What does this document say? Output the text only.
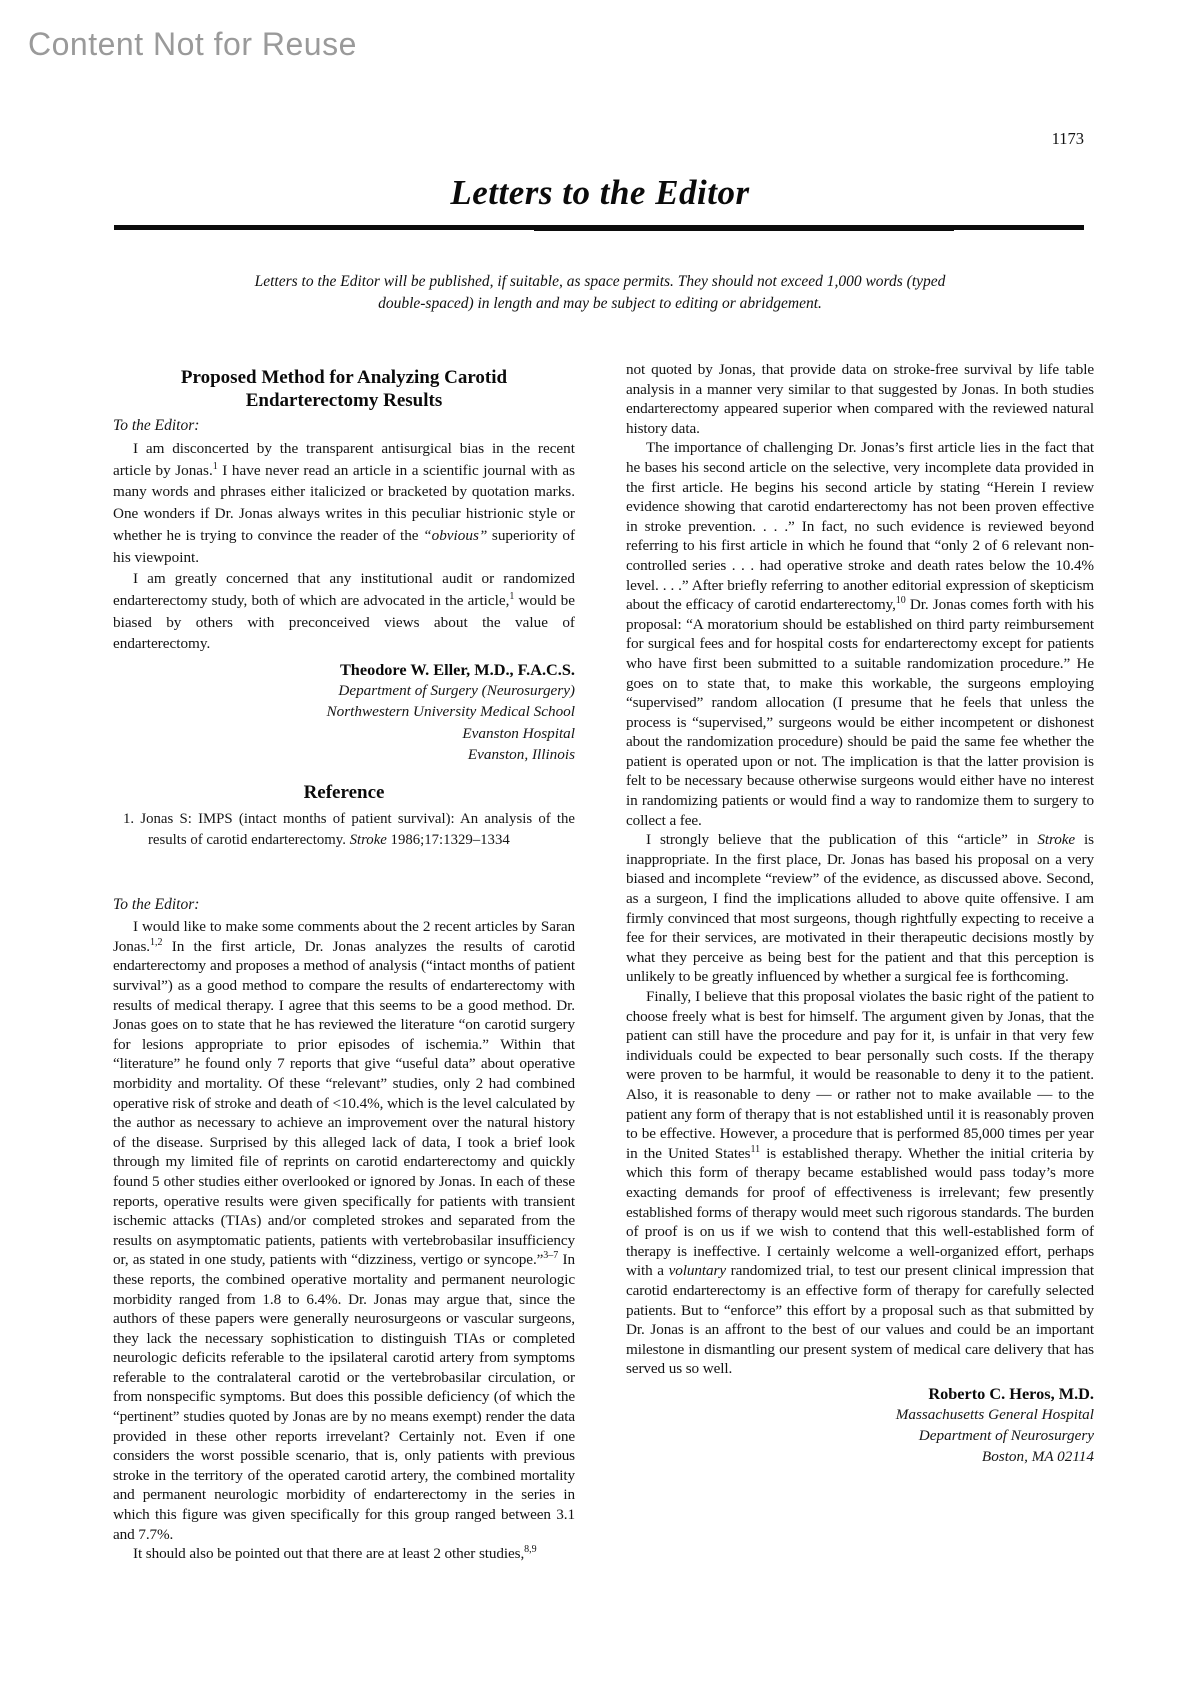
Content Not for Reuse
1173
Letters to the Editor

Letters to the Editor will be published, if suitable, as space permits. They should not exceed 1,000 words (typed double-spaced) in length and may be subject to editing or abridgement.

Proposed Method for Analyzing Carotid Endarterectomy Results

To the Editor:

I am disconcerted by the transparent antisurgical bias in the recent article by Jonas.$^1$ I have never read an article in a scientific journal with as many words and phrases either italicized or bracketed by quotation marks. One wonders if Dr. Jonas always writes in this peculiar histrionic style or whether he is trying to convince the reader of the “obvious” superiority of his viewpoint.

I am greatly concerned that any institutional audit or randomized endarterectomy study, both of which are advocated in the article,$^1$ would be biased by others with preconceived views about the value of endarterectomy.

Theodore W. Eller, M.D., F.A.C.S.
Department of Surgery (Neurosurgery)
Northwestern University Medical School
Evanston Hospital
Evanston, Illinois
Reference

1. Jonas S: IMPS (intact months of patient survival): An analysis of the results of carotid endarterectomy. Stroke 1986;17:1329–1334

To the Editor:

I would like to make some comments about the 2 recent articles by Saran Jonas.$^{1,2}$ In the first article, Dr. Jonas analyzes the results of carotid endarterectomy and proposes a method of analysis (“intact months of patient survival”) as a good method to compare the results of endarterectomy with results of medical therapy. I agree that this seems to be a good method. Dr. Jonas goes on to state that he has reviewed the literature “on carotid surgery for lesions appropriate to prior episodes of ischemia.” Within that “literature” he found only 7 reports that give “useful data” about operative morbidity and mortality. Of these “relevant” studies, only 2 had combined operative risk of stroke and death of <10.4%, which is the level calculated by the author as necessary to achieve an improvement over the natural history of the disease. Surprised by this alleged lack of data, I took a brief look through my limited file of reprints on carotid endarterectomy and quickly found 5 other studies either overlooked or ignored by Jonas. In each of these reports, operative results were given specifically for patients with transient ischemic attacks (TIAs) and/or completed strokes and separated from the results on asymptomatic patients, patients with vertebrobasilar insufficiency or, as stated in one study, patients with “dizziness, vertigo or syncope.”$^{3-7}$ In these reports, the combined operative mortality and permanent neurologic morbidity ranged from 1.8 to 6.4%. Dr. Jonas may argue that, since the authors of these papers were generally neurosurgeons or vascular surgeons, they lack the necessary sophistication to distinguish TIAs or completed neurologic deficits referable to the ipsilateral carotid artery from symptoms referable to the contralateral carotid or the vertebrobasilar circulation, or from nonspecific symptoms. But does this possible deficiency (of which the “pertinent” studies quoted by Jonas are by no means exempt) render the data provided in these other reports irrevelant? Certainly not. Even if one considers the worst possible scenario, that is, only patients with previous stroke in the territory of the operated carotid artery, the combined mortality and permanent neurologic morbidity of endarterectomy in the series in which this figure was given specifically for this group ranged between 3.1 and 7.7%.

It should also be pointed out that there are at least 2 other studies,$^{8,9}$

not quoted by Jonas, that provide data on stroke-free survival by life table analysis in a manner very similar to that suggested by Jonas. In both studies endarterectomy appeared superior when compared with the reviewed natural history data.

The importance of challenging Dr. Jonas’s first article lies in the fact that he bases his second article on the selective, very incomplete data provided in the first article. He begins his second article by stating “Herein I review evidence showing that carotid endarterectomy has not been proven effective in stroke prevention. . . .” In fact, no such evidence is reviewed beyond referring to his first article in which he found that “only 2 of 6 relevant non-controlled series . . . had operative stroke and death rates below the 10.4% level. . . .” After briefly referring to another editorial expression of skepticism about the efficacy of carotid endarterectomy,$^{10}$ Dr. Jonas comes forth with his proposal: “A moratorium should be established on third party reimbursement for surgical fees and for hospital costs for endarterectomy except for patients who have first been submitted to a suitable randomization procedure.” He goes on to state that, to make this workable, the surgeons employing “supervised” random allocation (I presume that he feels that unless the process is “supervised,” surgeons would be either incompetent or dishonest about the randomization procedure) should be paid the same fee whether the patient is operated upon or not. The implication is that the latter provision is felt to be necessary because otherwise surgeons would either have no interest in randomizing patients or would find a way to randomize them to surgery to collect a fee.

I strongly believe that the publication of this “article” in Stroke is inappropriate. In the first place, Dr. Jonas has based his proposal on a very biased and incomplete “review” of the evidence, as discussed above. Second, as a surgeon, I find the implications alluded to above quite offensive. I am firmly convinced that most surgeons, though rightfully expecting to receive a fee for their services, are motivated in their therapeutic decisions mostly by what they perceive as being best for the patient and that this perception is unlikely to be greatly influenced by whether a surgical fee is forthcoming.

Finally, I believe that this proposal violates the basic right of the patient to choose freely what is best for himself. The argument given by Jonas, that the patient can still have the procedure and pay for it, is unfair in that very few individuals could be expected to bear personally such costs. If the therapy were proven to be harmful, it would be reasonable to deny it to the patient. Also, it is reasonable to deny — or rather not to make available — to the patient any form of therapy that is not established until it is reasonably proven to be effective. However, a procedure that is performed 85,000 times per year in the United States$^{11}$ is established therapy. Whether the initial criteria by which this form of therapy became established would pass today’s more exacting demands for proof of effectiveness is irrelevant; few presently established forms of therapy would meet such rigorous standards. The burden of proof is on us if we wish to contend that this well-established form of therapy is ineffective. I certainly welcome a well-organized effort, perhaps with a voluntary randomized trial, to test our present clinical impression that carotid endarterectomy is an effective form of therapy for carefully selected patients. But to “enforce” this effort by a proposal such as that submitted by Dr. Jonas is an affront to the best of our values and could be an important milestone in dismantling our present system of medical care delivery that has served us so well.

Roberto C. Heros, M.D.
Massachusetts General Hospital
Department of Neurosurgery
Boston, MA 02114
